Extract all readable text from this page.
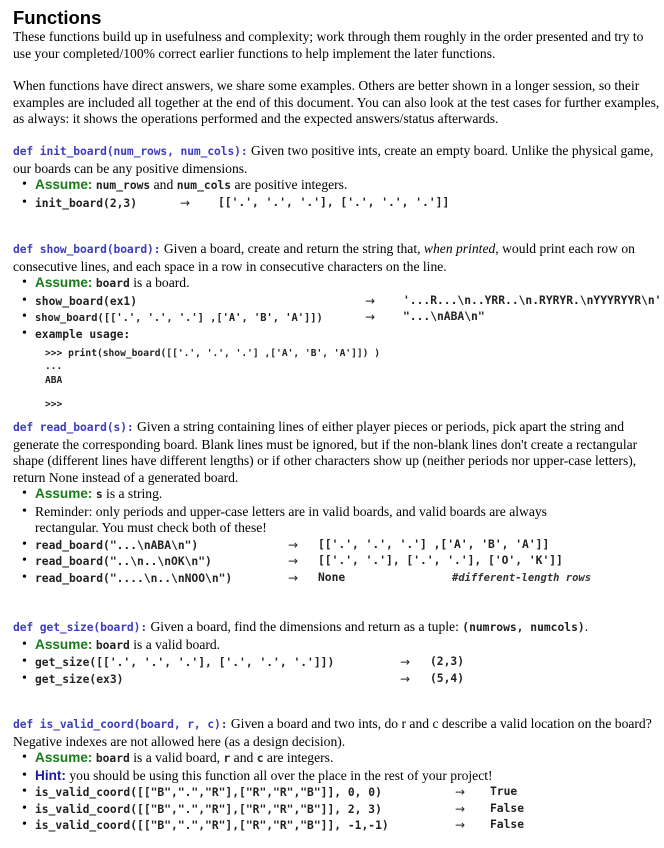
Functions

These functions build up in usefulness and complexity; work through them roughly in the order presented and try to use your completed/100% correct earlier functions to help implement the later functions.

When functions have direct answers, we share some examples. Others are better shown in a longer session, so their examples are included all together at the end of this document. You can also look at the test cases for further examples, as always: it shows the operations performed and the expected answers/status afterwards.

def init_board(num_rows, num_cols): Given two positive ints, create an empty board. Unlike the physical game, our boards can be any positive dimensions.

• Assume: num_rows and num_cols are positive integers.
• init_board(2,3)	→ [['.', '.', '.'], ['.', '.', '.']]

def show_board(board): Given a board, create and return the string that, when printed, would print each row on consecutive lines, and each space in a row in consecutive characters on the line.

• Assume: board is a board.
• show_board(ex1)	→ '...R...\n..YRR..\n.RYRYR.\nYYYRYYR\n'
• show_board([['.', '.', '.'] ,['A', 'B', 'A']])	→ "...\nABA\n"
• example usage:
>>> print(show_board([['.', '.', '.'] ,['A', 'B', 'A']]) )
...
ABA
>>>

def read_board(s): Given a string containing lines of either player pieces or periods, pick apart the string and generate the corresponding board. Blank lines must be ignored, but if the non-blank lines don't create a rectangular shape (different lines have different lengths) or if other characters show up (neither periods nor upper-case letters), return None instead of a generated board.

• Assume: s is a string.
• Reminder: only periods and upper-case letters are in valid boards, and valid boards are always rectangular. You must check both of these!
• read_board("...\nABA\n")	→ [['.', '.', '.'] ,['A', 'B', 'A']]
• read_board("..\n..\nOK\n")	→ [['.', '.'], ['.', '.'], ['O', 'K']]
• read_board("....\n..\nNOO\n")	→ None	#different-length rows

def get_size(board): Given a board, find the dimensions and return as a tuple: (numrows, numcols).

• Assume: board is a valid board.
• get_size([['.', '.', '.'], ['.', '.', '.']])	→ (2,3)
• get_size(ex3)	→ (5,4)

def is_valid_coord(board, r, c): Given a board and two ints, do r and c describe a valid location on the board? Negative indexes are not allowed here (as a design decision).

• Assume: board is a valid board, r and c are integers.
• Hint: you should be using this function all over the place in the rest of your project!
• is_valid_coord([["B",".","R"],["R","R","B"]], 0, 0)	→ True
• is_valid_coord([["B",".","R"],["R","R","B"]], 2, 3)	→ False
• is_valid_coord([["B",".","R"],["R","R","B"]], -1,-1)	→ False
